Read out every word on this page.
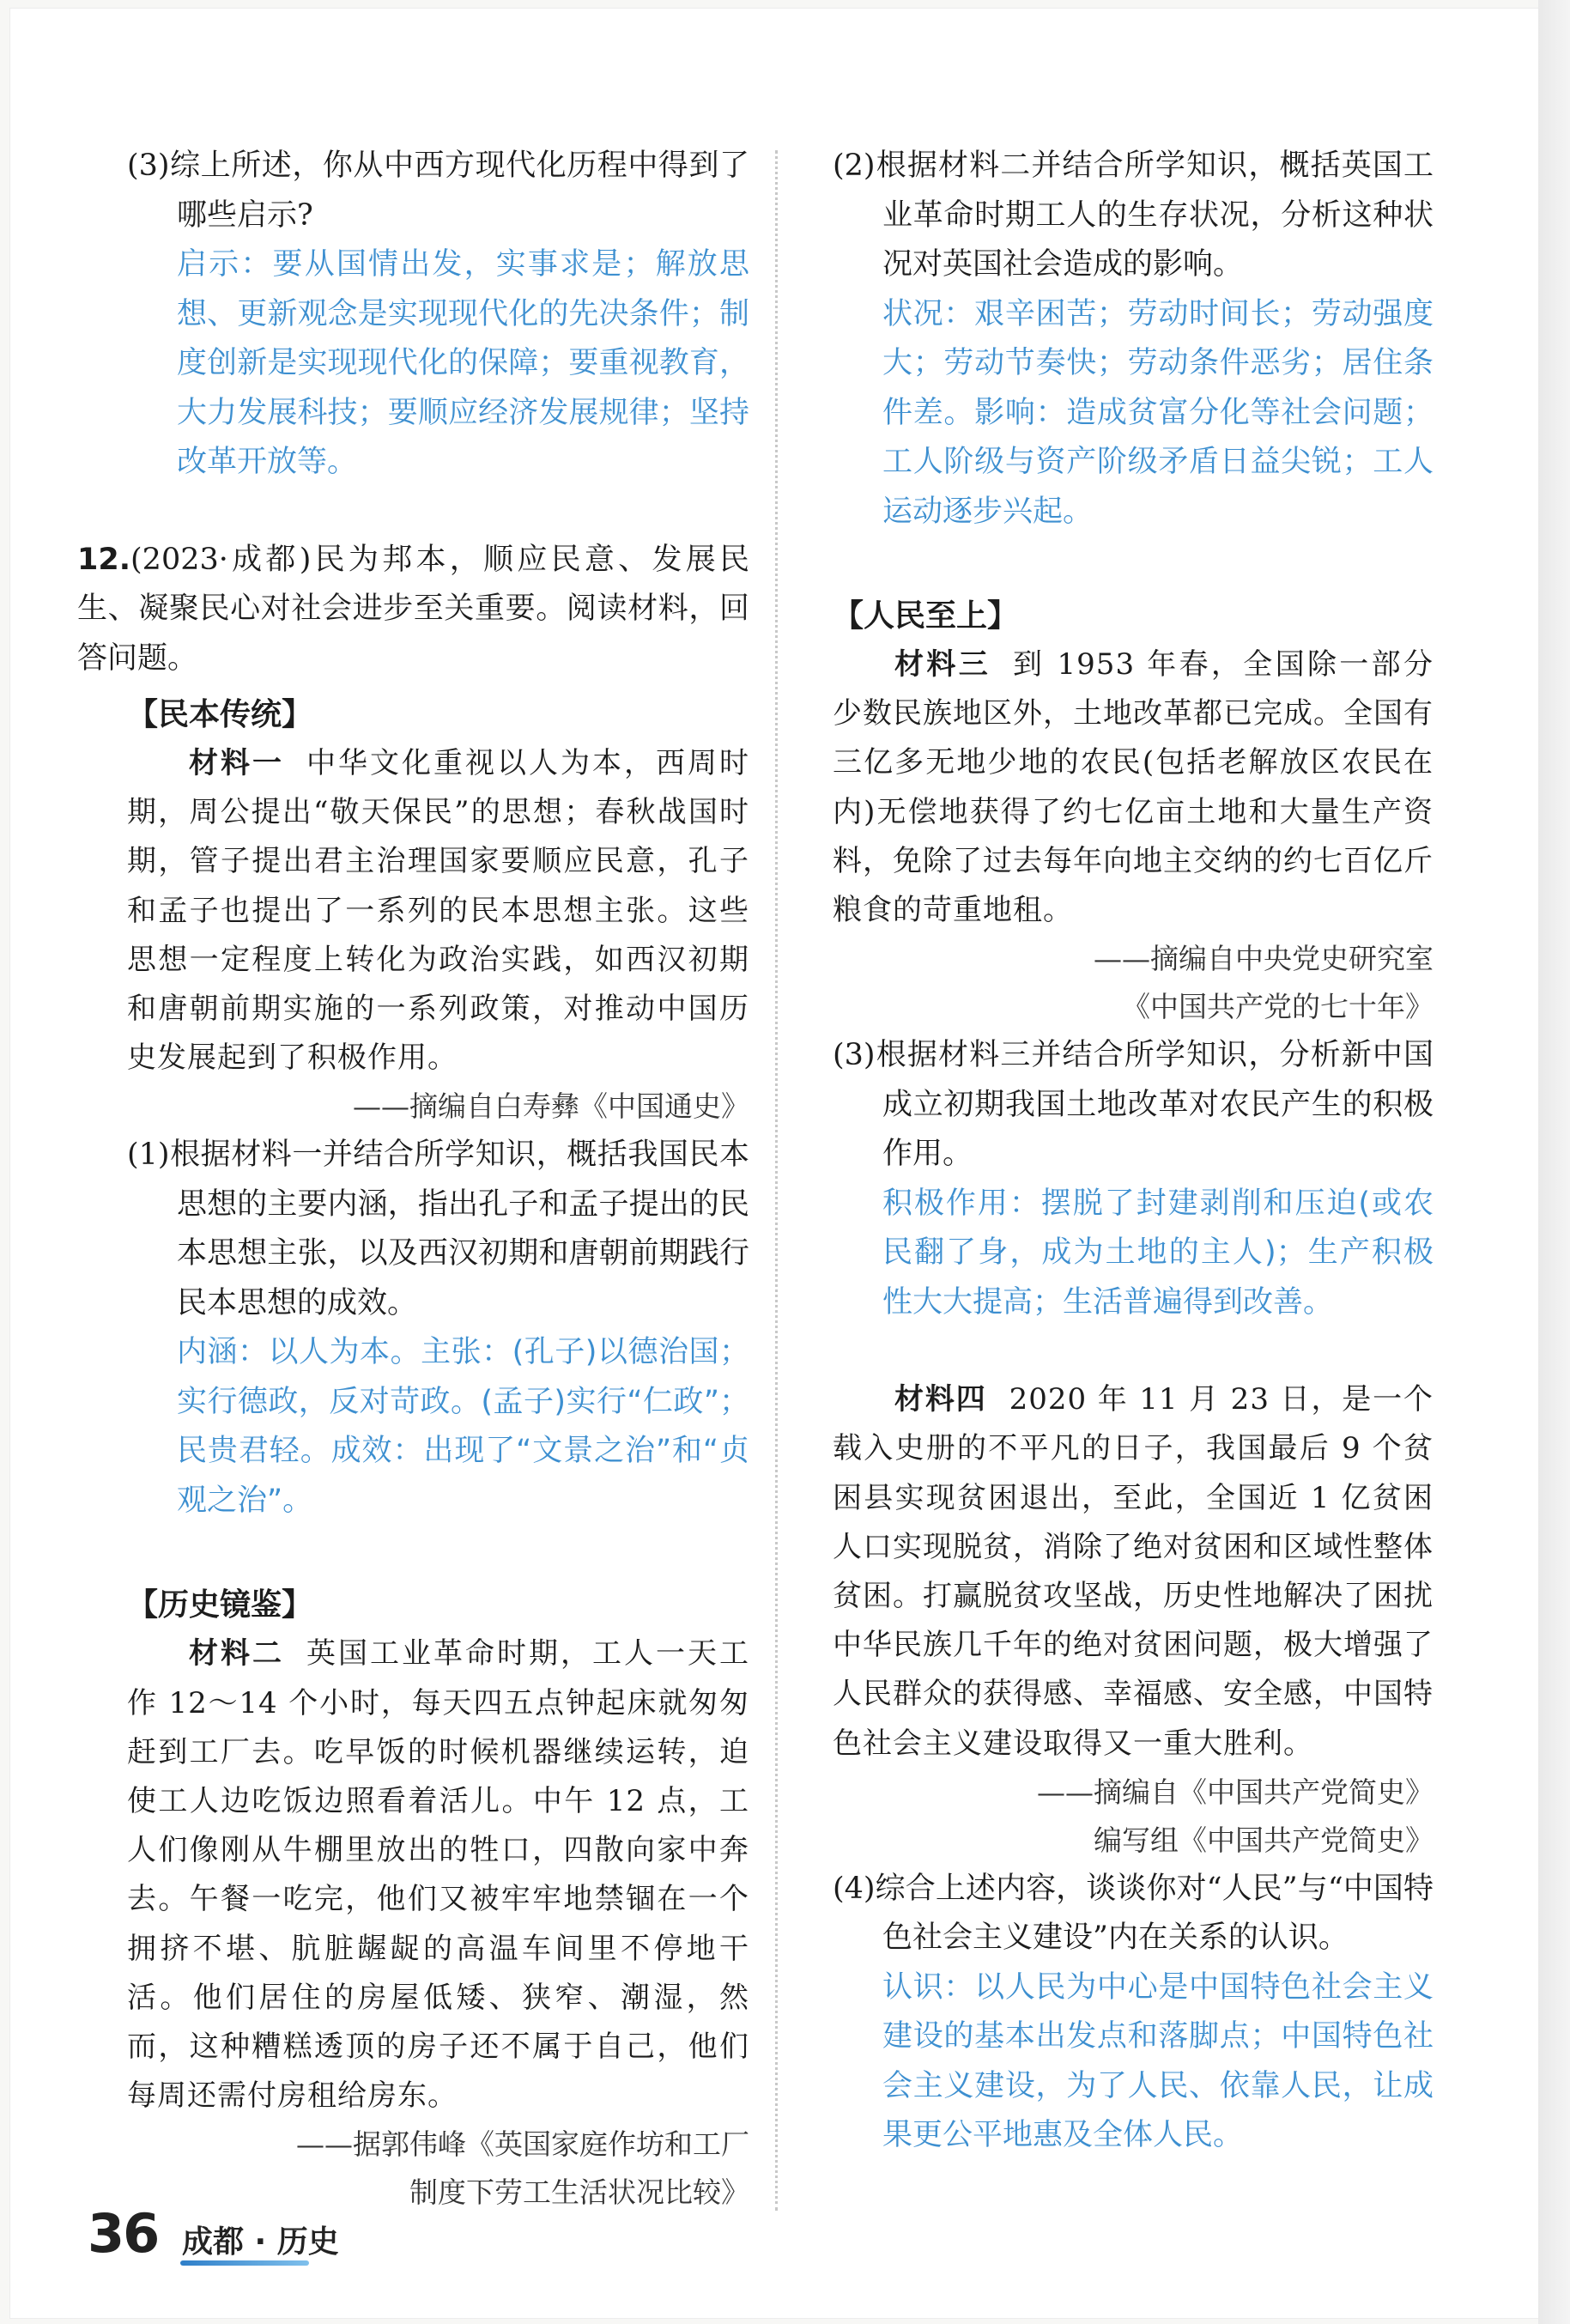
(3)综上所述，你从中西方现代化历程中得到了哪些启示?

启示：要从国情出发，实事求是；解放思想、更新观念是实现现代化的先决条件；制度创新是实现现代化的保障；要重视教育，大力发展科技；要顺应经济发展规律；坚持改革开放等。

12.(2023·成都)民为邦本，顺应民意、发展民生、凝聚民心对社会进步至关重要。阅读材料，回答问题。

【民本传统】

材料一 中华文化重视以人为本，西周时期，周公提出“敬天保民”的思想；春秋战国时期，管子提出君主治理国家要顺应民意，孔子和孟子也提出了一系列的民本思想主张。这些思想一定程度上转化为政治实践，如西汉初期和唐朝前期实施的一系列政策，对推动中国历史发展起到了积极作用。

——摘编自白寿彝《中国通史》

(1)根据材料一并结合所学知识，概括我国民本思想的主要内涵，指出孔子和孟子提出的民本思想主张，以及西汉初期和唐朝前期践行民本思想的成效。

内涵：以人为本。主张：(孔子)以德治国；实行德政，反对苛政。(孟子)实行“仁政”；民贵君轻。成效：出现了“文景之治”和“贞观之治”。

【历史镜鉴】

材料二 英国工业革命时期，工人一天工作 12～14 个小时，每天四五点钟起床就匆匆赶到工厂去。吃早饭的时候机器继续运转，迫使工人边吃饭边照看着活儿。中午 12 点，工人们像刚从牛棚里放出的牲口，四散向家中奔去。午餐一吃完，他们又被牢牢地禁锢在一个拥挤不堪、肮脏龌龊的高温车间里不停地干活。他们居住的房屋低矮、狭窄、潮湿，然而，这种糟糕透顶的房子还不属于自己，他们每周还需付房租给房东。

——据郭伟峰《英国家庭作坊和工厂

制度下劳工生活状况比较》

(2)根据材料二并结合所学知识，概括英国工业革命时期工人的生存状况，分析这种状况对英国社会造成的影响。

状况：艰辛困苦；劳动时间长；劳动强度大；劳动节奏快；劳动条件恶劣；居住条件差。影响：造成贫富分化等社会问题；工人阶级与资产阶级矛盾日益尖锐；工人运动逐步兴起。

【人民至上】

材料三 到 1953 年春，全国除一部分少数民族地区外，土地改革都已完成。全国有三亿多无地少地的农民(包括老解放区农民在内)无偿地获得了约七亿亩土地和大量生产资料，免除了过去每年向地主交纳的约七百亿斤粮食的苛重地租。

——摘编自中央党史研究室

《中国共产党的七十年》

(3)根据材料三并结合所学知识，分析新中国成立初期我国土地改革对农民产生的积极作用。

积极作用：摆脱了封建剥削和压迫(或农民翻了身，成为土地的主人)；生产积极性大大提高；生活普遍得到改善。

材料四 2020 年 11 月 23 日，是一个载入史册的不平凡的日子，我国最后 9 个贫困县实现贫困退出，至此，全国近 1 亿贫困人口实现脱贫，消除了绝对贫困和区域性整体贫困。打赢脱贫攻坚战，历史性地解决了困扰中华民族几千年的绝对贫困问题，极大增强了人民群众的获得感、幸福感、安全感，中国特色社会主义建设取得又一重大胜利。

——摘编自《中国共产党简史》

编写组《中国共产党简史》

(4)综合上述内容，谈谈你对“人民”与“中国特色社会主义建设”内在关系的认识。

认识：以人民为中心是中国特色社会主义建设的基本出发点和落脚点；中国特色社会主义建设，为了人民、依靠人民，让成果更公平地惠及全体人民。

36 成都 · 历史
